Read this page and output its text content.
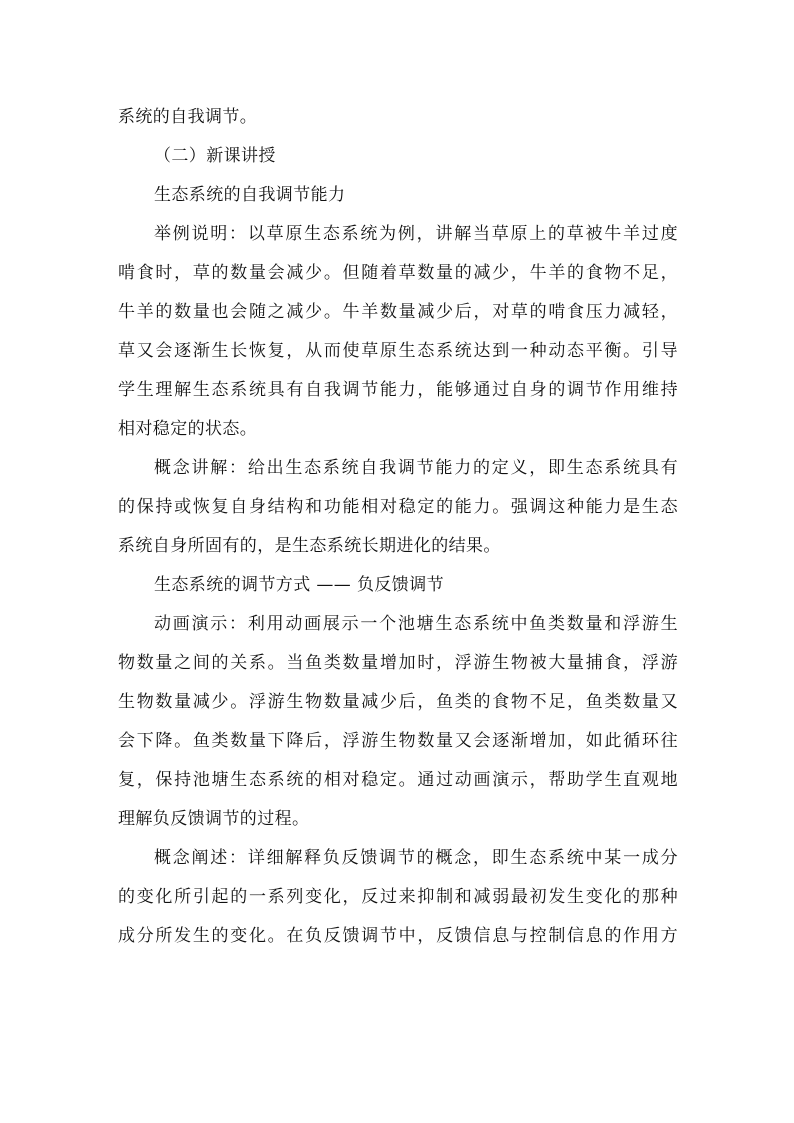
系统的自我调节。
（二）新课讲授
生态系统的自我调节能力
举例说明：以草原生态系统为例，讲解当草原上的草被牛羊过度
啃食时，草的数量会减少。但随着草数量的减少，牛羊的食物不足，
牛羊的数量也会随之减少。牛羊数量减少后，对草的啃食压力减轻，
草又会逐渐生长恢复，从而使草原生态系统达到一种动态平衡。引导
学生理解生态系统具有自我调节能力，能够通过自身的调节作用维持
相对稳定的状态。
概念讲解：给出生态系统自我调节能力的定义，即生态系统具有
的保持或恢复自身结构和功能相对稳定的能力。强调这种能力是生态
系统自身所固有的，是生态系统长期进化的结果。
生态系统的调节方式 —— 负反馈调节
动画演示：利用动画展示一个池塘生态系统中鱼类数量和浮游生
物数量之间的关系。当鱼类数量增加时，浮游生物被大量捕食，浮游
生物数量减少。浮游生物数量减少后，鱼类的食物不足，鱼类数量又
会下降。鱼类数量下降后，浮游生物数量又会逐渐增加，如此循环往
复，保持池塘生态系统的相对稳定。通过动画演示，帮助学生直观地
理解负反馈调节的过程。
概念阐述：详细解释负反馈调节的概念，即生态系统中某一成分
的变化所引起的一系列变化，反过来抑制和减弱最初发生变化的那种
成分所发生的变化。在负反馈调节中，反馈信息与控制信息的作用方
